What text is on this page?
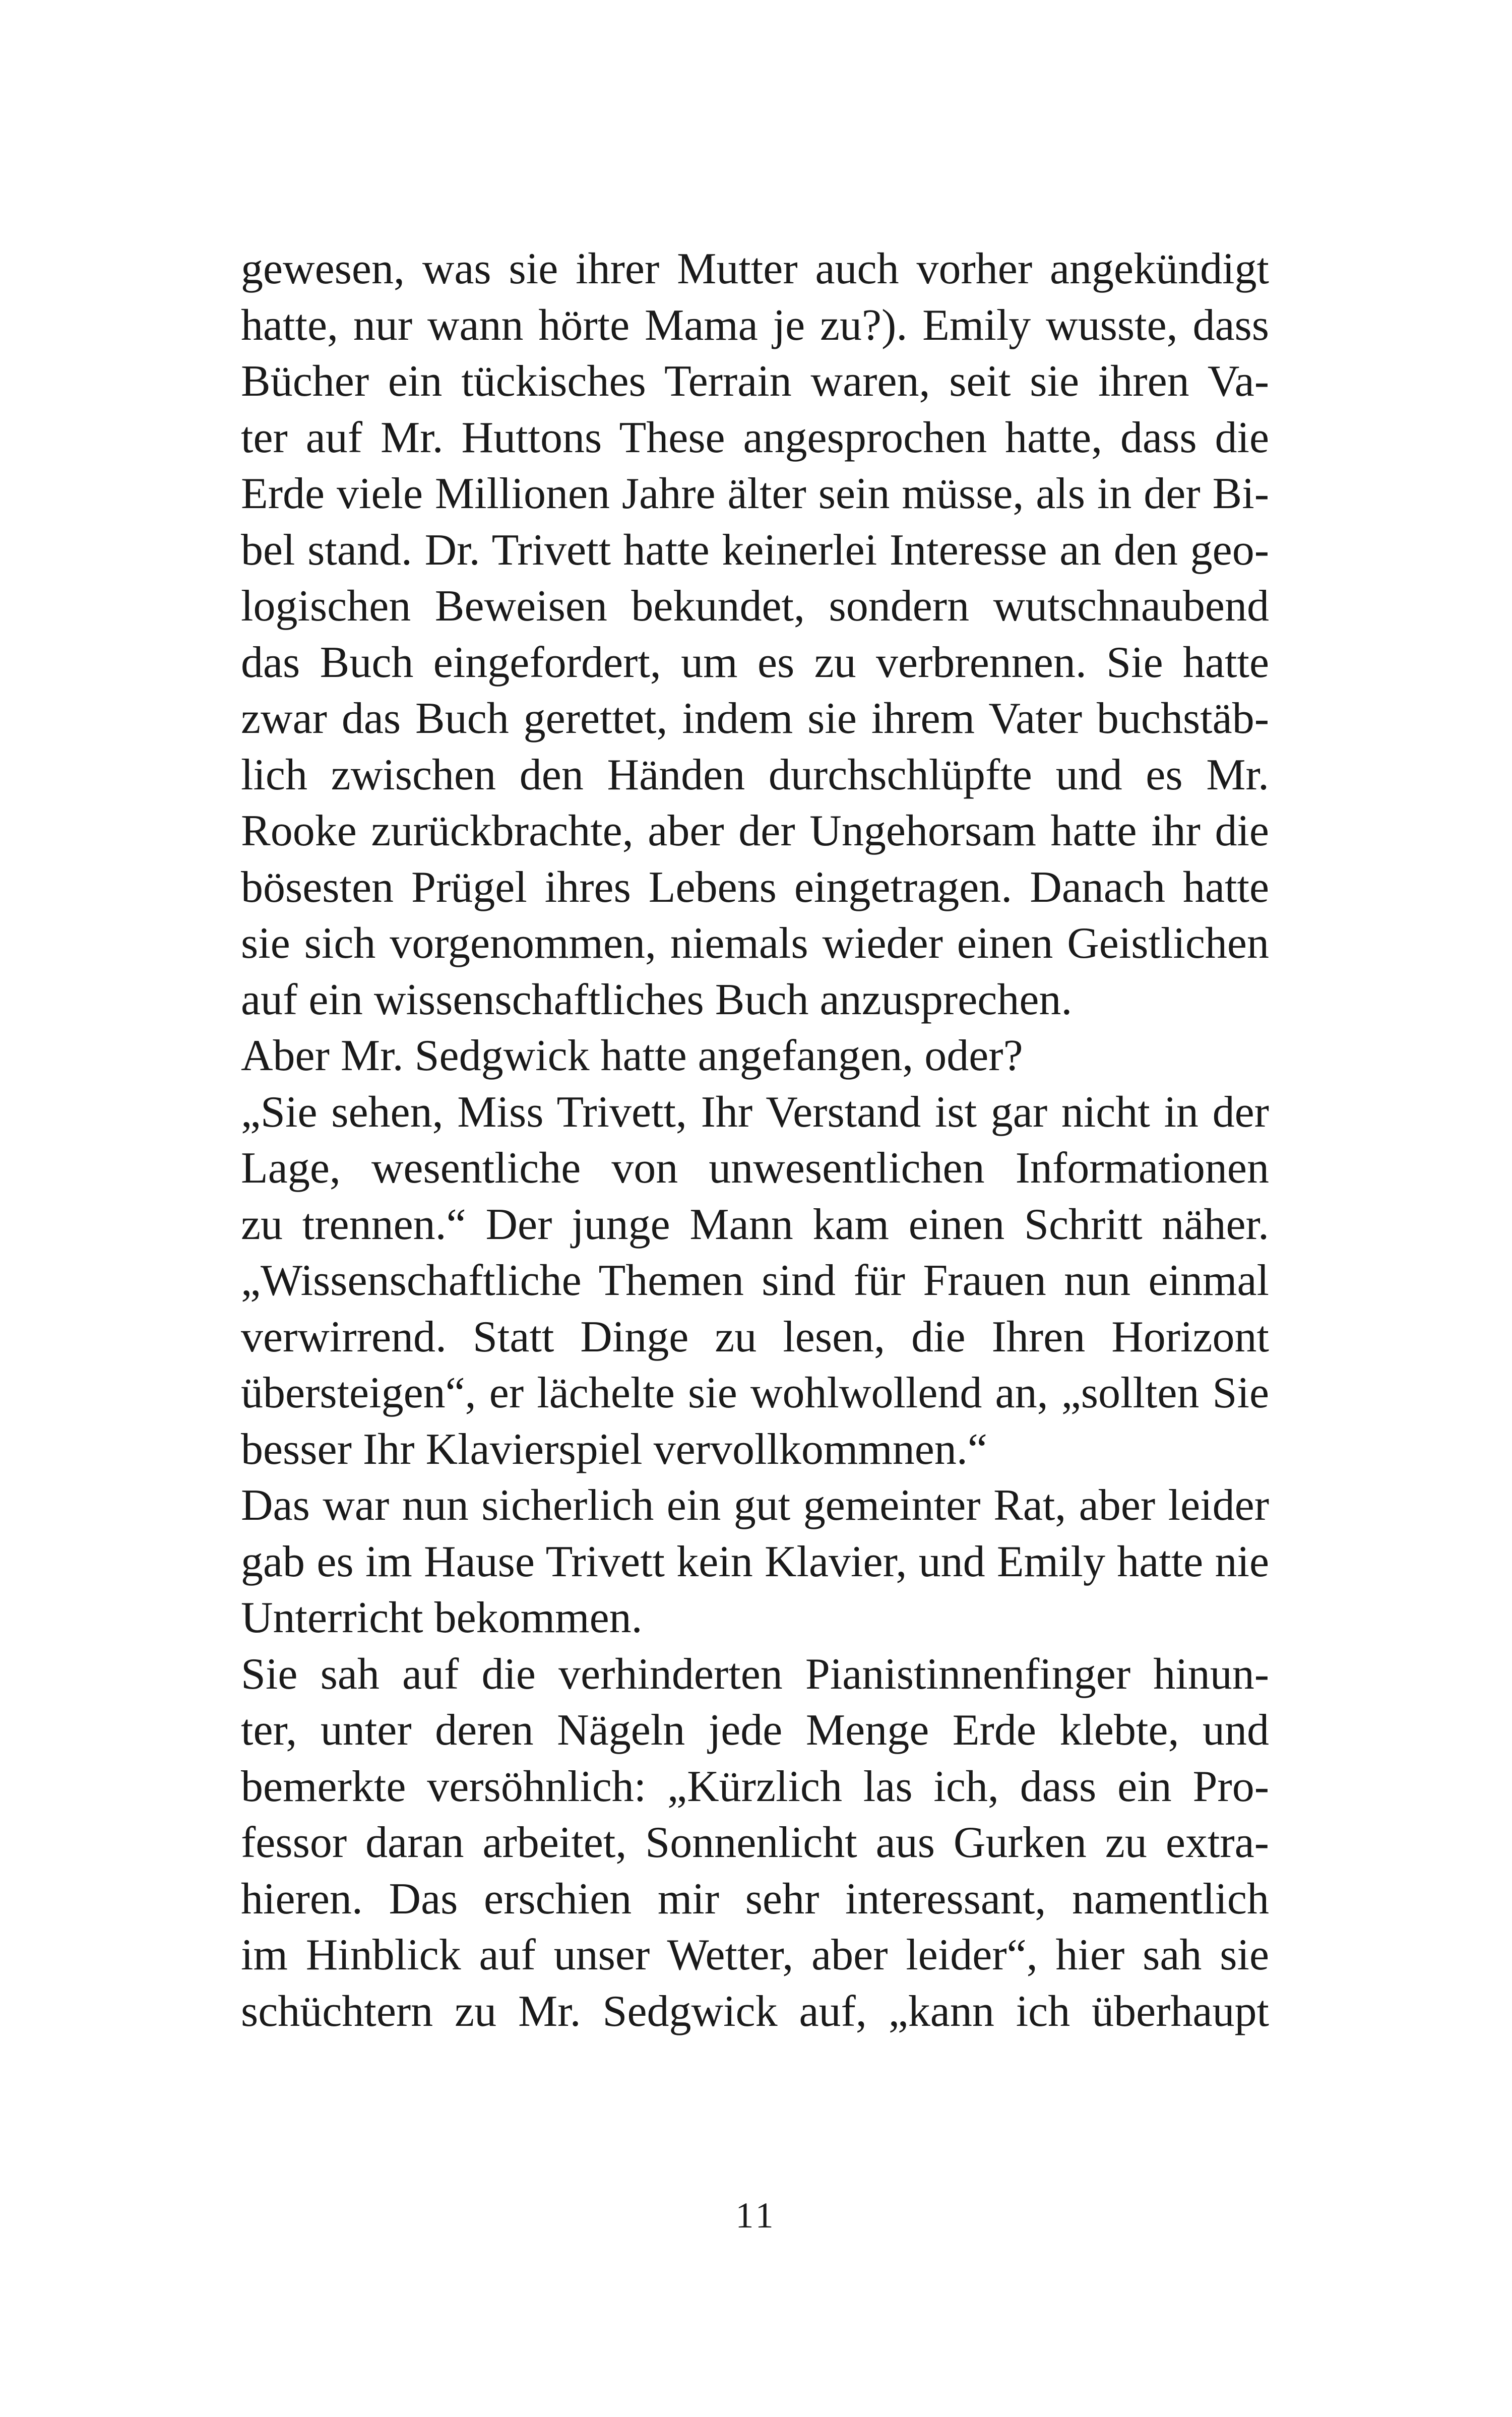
gewesen, was sie ihrer Mutter auch vorher angekündigt
hatte, nur wann hörte Mama je zu?). Emily wusste, dass
Bücher ein tückisches Terrain waren, seit sie ihren Va-
ter auf Mr. Huttons These angesprochen hatte, dass die
Erde viele Millionen Jahre älter sein müsse, als in der Bi-
bel stand. Dr. Trivett hatte keinerlei Interesse an den geo-
logischen Beweisen bekundet, sondern wutschnaubend
das Buch eingefordert, um es zu verbrennen. Sie hatte
zwar das Buch gerettet, indem sie ihrem Vater buchstäb-
lich zwischen den Händen durchschlüpfte und es Mr.
Rooke zurückbrachte, aber der Ungehorsam hatte ihr die
bösesten Prügel ihres Lebens eingetragen. Danach hatte
sie sich vorgenommen, niemals wieder einen Geistlichen
auf ein wissenschaftliches Buch anzusprechen.
Aber Mr. Sedgwick hatte angefangen, oder?
„Sie sehen, Miss Trivett, Ihr Verstand ist gar nicht in der
Lage, wesentliche von unwesentlichen Informationen
zu trennen.“ Der junge Mann kam einen Schritt näher.
„Wissenschaftliche Themen sind für Frauen nun einmal
verwirrend. Statt Dinge zu lesen, die Ihren Horizont
übersteigen“, er lächelte sie wohlwollend an, „sollten Sie
besser Ihr Klavierspiel vervollkommnen.“
Das war nun sicherlich ein gut gemeinter Rat, aber leider
gab es im Hause Trivett kein Klavier, und Emily hatte nie
Unterricht bekommen.
Sie sah auf die verhinderten Pianistinnenfinger hinun-
ter, unter deren Nägeln jede Menge Erde klebte, und
bemerkte versöhnlich: „Kürzlich las ich, dass ein Pro-
fessor daran arbeitet, Sonnenlicht aus Gurken zu extra-
hieren. Das erschien mir sehr interessant, namentlich
im Hinblick auf unser Wetter, aber leider“, hier sah sie
schüchtern zu Mr. Sedgwick auf, „kann ich überhaupt
11
